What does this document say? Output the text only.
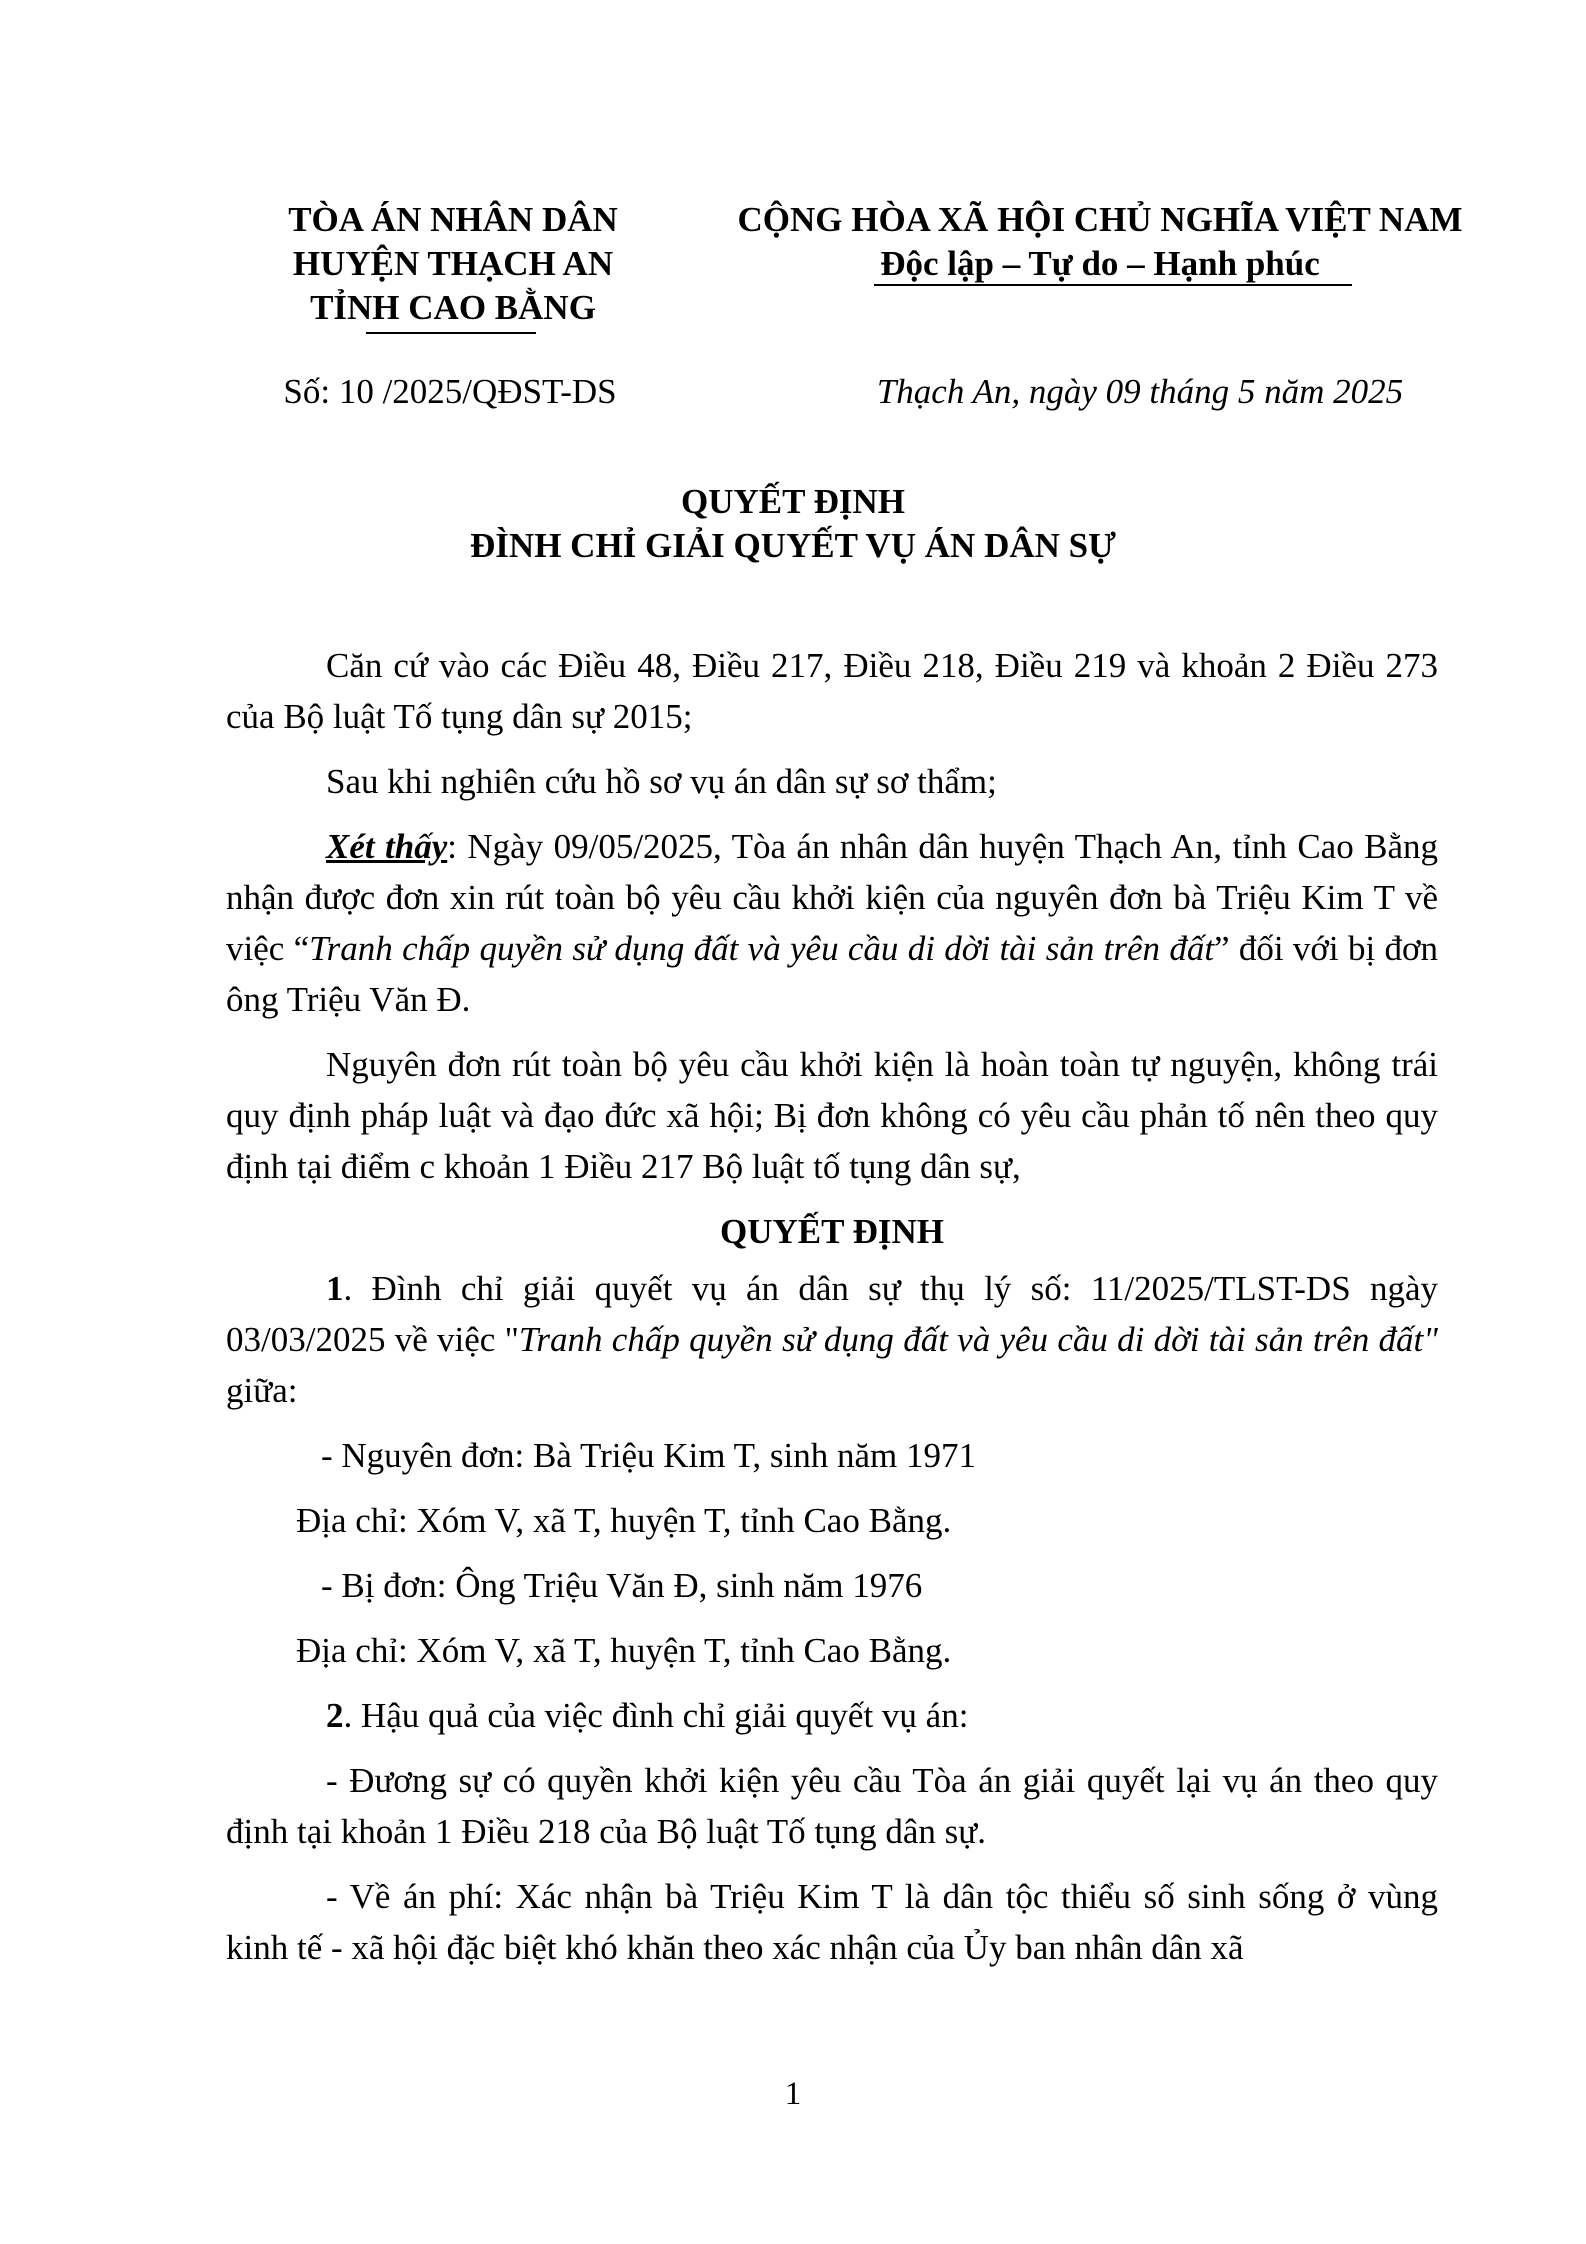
TÒA ÁN NHÂN DÂN
HUYỆN THẠCH AN
TỈNH CAO BẰNG
CỘNG HÒA XÃ HỘI CHỦ NGHĨA VIỆT NAM
Độc lập – Tự do – Hạnh phúc
Số: 10 /2025/QĐST-DS	Thạch An, ngày 09 tháng 5 năm 2025
QUYẾT ĐỊNH
ĐÌNH CHỈ GIẢI QUYẾT VỤ ÁN DÂN SỰ

Căn cứ vào các Điều 48, Điều 217, Điều 218, Điều 219 và khoản 2 Điều 273 của Bộ luật Tố tụng dân sự 2015;

Sau khi nghiên cứu hồ sơ vụ án dân sự sơ thẩm;

Xét thấy: Ngày 09/05/2025, Tòa án nhân dân huyện Thạch An, tỉnh Cao Bằng nhận được đơn xin rút toàn bộ yêu cầu khởi kiện của nguyên đơn bà Triệu Kim T về việc “Tranh chấp quyền sử dụng đất và yêu cầu di dời tài sản trên đất” đối với bị đơn ông Triệu Văn Đ.

Nguyên đơn rút toàn bộ yêu cầu khởi kiện là hoàn toàn tự nguyện, không trái quy định pháp luật và đạo đức xã hội; Bị đơn không có yêu cầu phản tố nên theo quy định tại điểm c khoản 1 Điều 217 Bộ luật tố tụng dân sự,

QUYẾT ĐỊNH

1. Đình chỉ giải quyết vụ án dân sự thụ lý số: 11/2025/TLST-DS ngày 03/03/2025 về việc "Tranh chấp quyền sử dụng đất và yêu cầu di dời tài sản trên đất" giữa:

- Nguyên đơn: Bà Triệu Kim T, sinh năm 1971

Địa chỉ: Xóm V, xã T, huyện T, tỉnh Cao Bằng.

- Bị đơn: Ông Triệu Văn Đ, sinh năm 1976

Địa chỉ: Xóm V, xã T, huyện T, tỉnh Cao Bằng.

2. Hậu quả của việc đình chỉ giải quyết vụ án:

- Đương sự có quyền khởi kiện yêu cầu Tòa án giải quyết lại vụ án theo quy định tại khoản 1 Điều 218 của Bộ luật Tố tụng dân sự.

- Về án phí: Xác nhận bà Triệu Kim T là dân tộc thiểu số sinh sống ở vùng kinh tế - xã hội đặc biệt khó khăn theo xác nhận của Ủy ban nhân dân xã

1
